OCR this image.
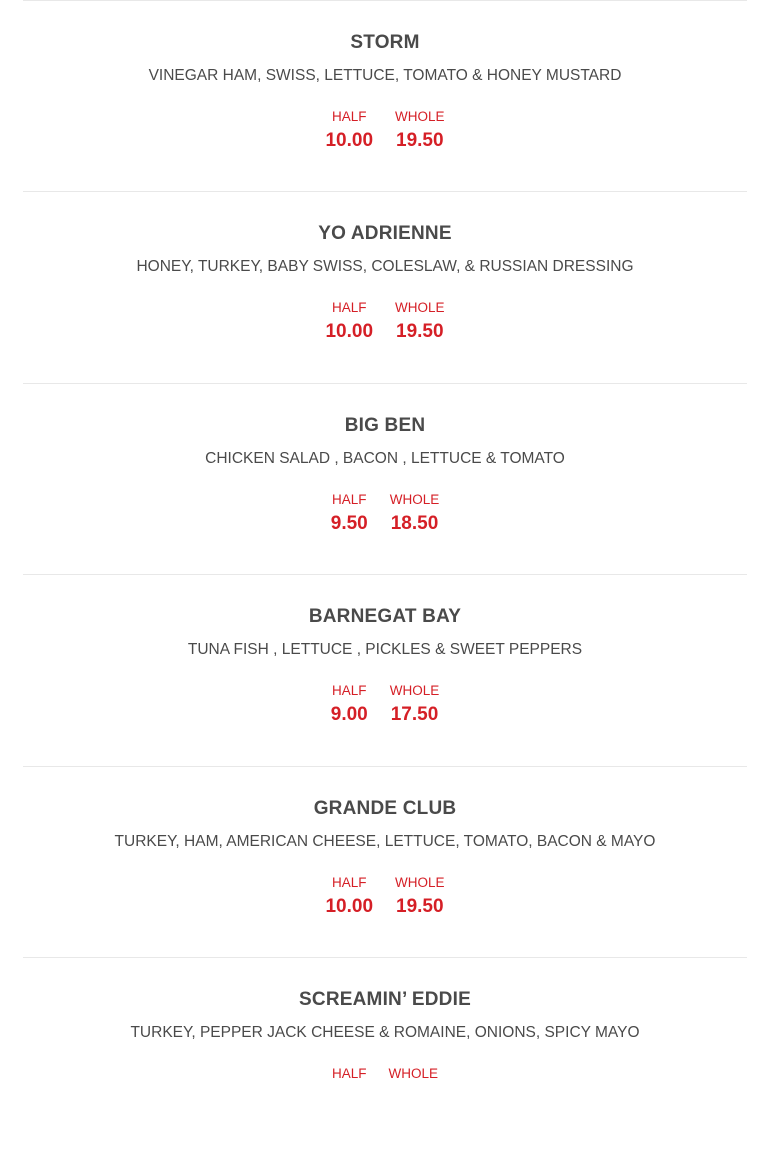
STORM
VINEGAR HAM, SWISS, LETTUCE, TOMATO & HONEY MUSTARD
HALF
10.00
WHOLE
19.50
YO ADRIENNE
HONEY, TURKEY, BABY SWISS, COLESLAW, & RUSSIAN DRESSING
HALF
10.00
WHOLE
19.50
BIG BEN
CHICKEN SALAD , BACON , LETTUCE & TOMATO
HALF
9.50
WHOLE
18.50
BARNEGAT BAY
TUNA FISH , LETTUCE , PICKLES & SWEET PEPPERS
HALF
9.00
WHOLE
17.50
GRANDE CLUB
TURKEY, HAM, AMERICAN CHEESE, LETTUCE, TOMATO, BACON & MAYO
HALF
10.00
WHOLE
19.50
SCREAMIN’ EDDIE
TURKEY, PEPPER JACK CHEESE & ROMAINE, ONIONS, SPICY MAYO
HALF WHOLE
